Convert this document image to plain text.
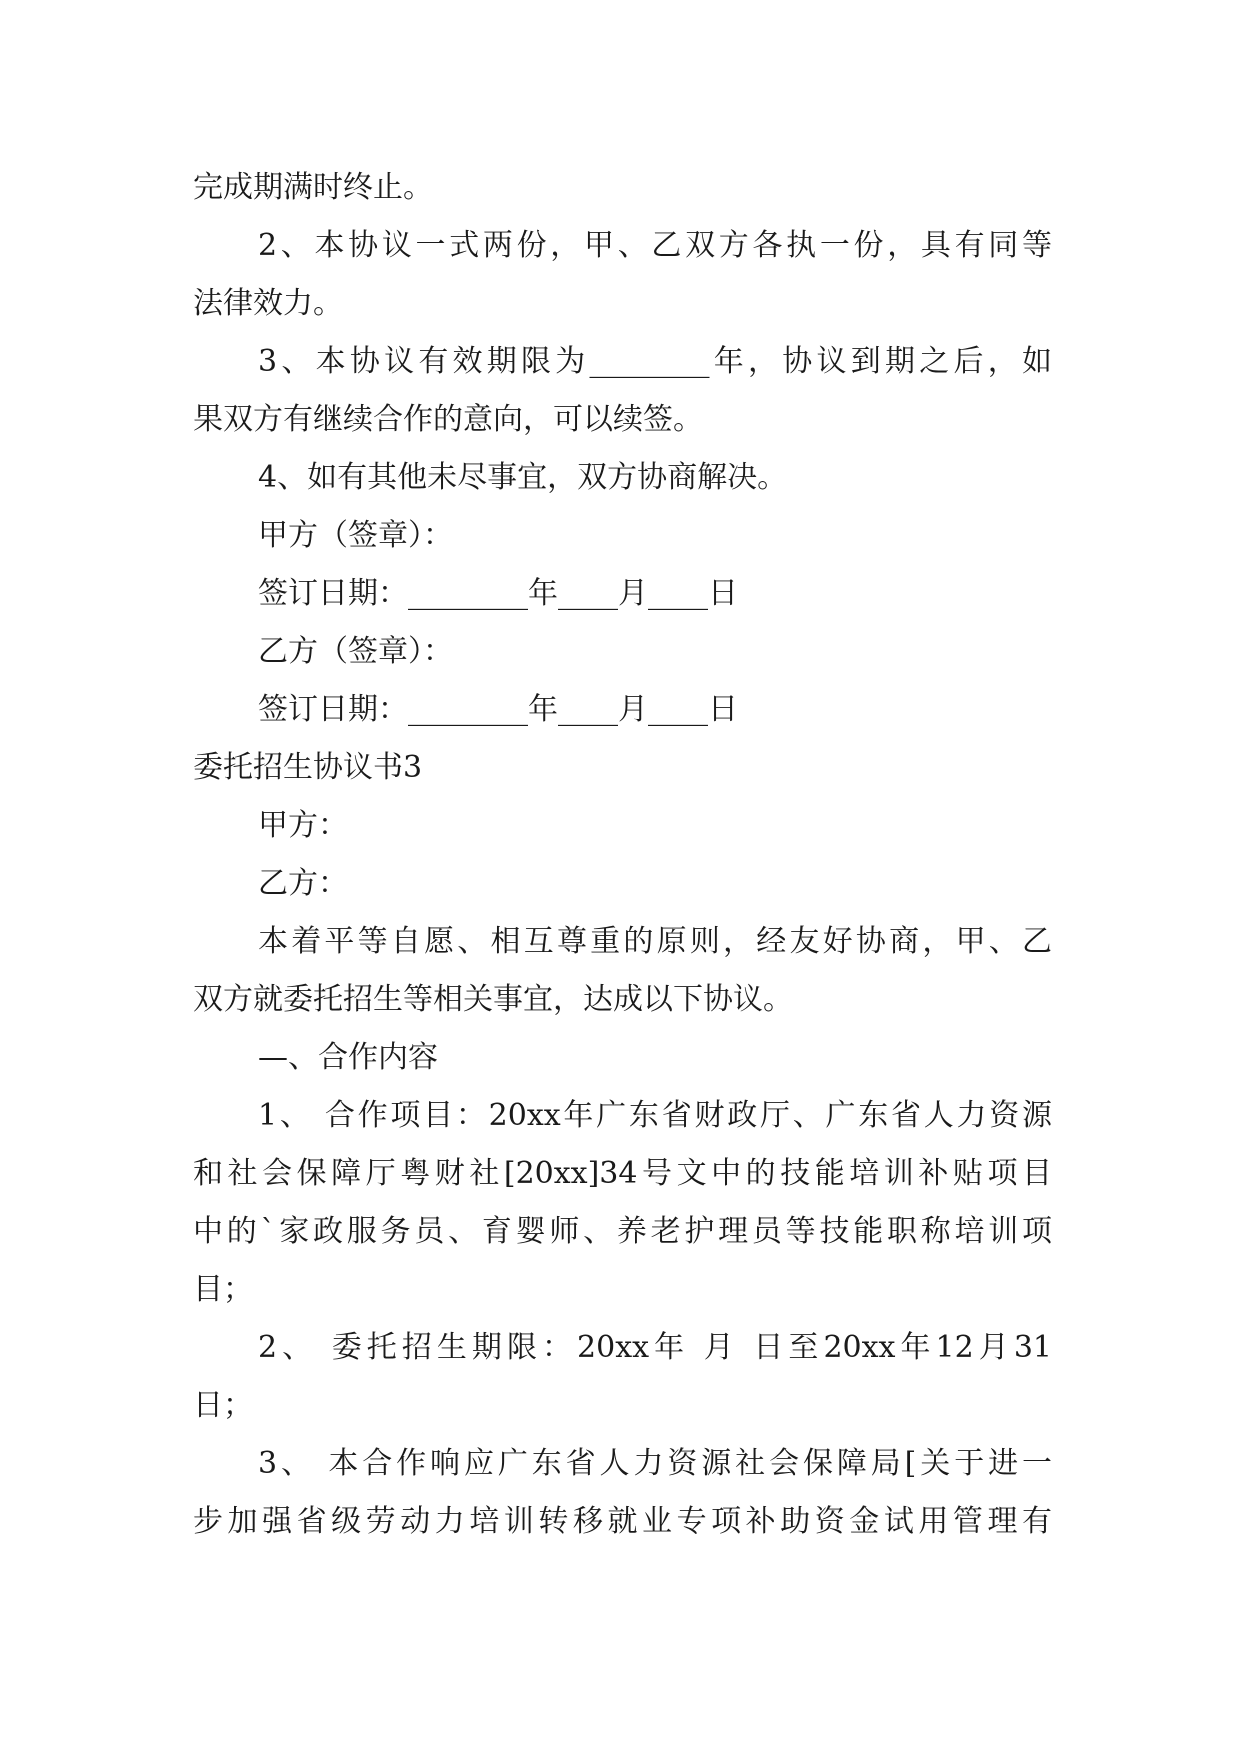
完成期满时终止。
2、本协议一式两份，甲、乙双方各执一份，具有同等
法律效力。
3、本协议有效期限为________年，协议到期之后，如
果双方有继续合作的意向，可以续签。
4、如有其他未尽事宜，双方协商解决。
甲方（签章）：
签订日期：________年____月____日
乙方（签章）：
签订日期：________年____月____日
委托招生协议书3
甲方：
乙方：
本着平等自愿、相互尊重的原则，经友好协商，甲、乙
双方就委托招生等相关事宜，达成以下协议。
—、合作内容
1、 合作项目：20xx年广东省财政厅、广东省人力资源
和社会保障厅粤财社[20xx]34号文中的技能培训补贴项目
中的`家政服务员、育婴师、养老护理员等技能职称培训项
目；
2、 委托招生期限：20xx年 月 日至20xx年12月31
日；
3、 本合作响应广东省人力资源社会保障局[关于进一
步加强省级劳动力培训转移就业专项补助资金试用管理有
